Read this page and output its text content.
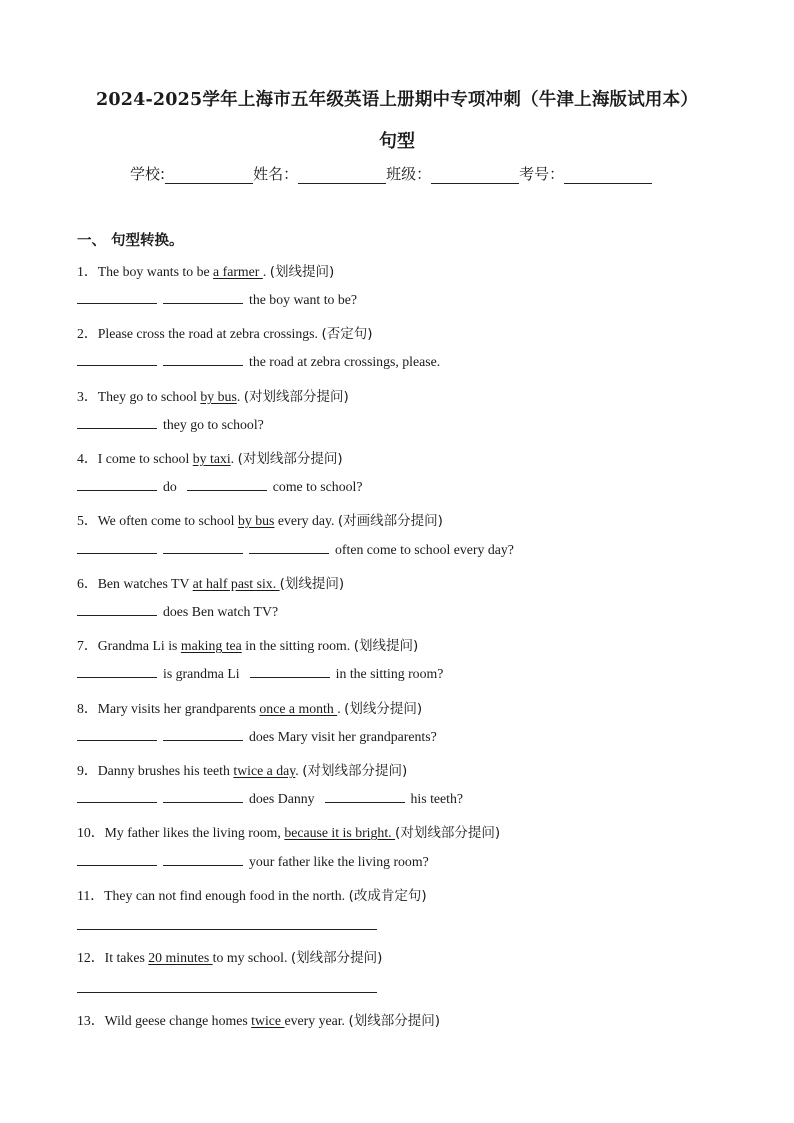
2024-2025学年上海市五年级英语上册期中专项冲刺（牛津上海版试用本）
句型
学校:	姓名：	班级：	考号：
一、 句型转换。
1．The boy wants to be a farmer . (划线提问)
the boy want to be?
2．Please cross the road at zebra crossings. (否定句)
the road at zebra crossings, please.
3．They go to school by bus. (对划线部分提问)
they go to school?
4．I come to school by taxi. (对划线部分提问)
do	come to school?
5．We often come to school by bus every day. (对画线部分提问)
often come to school every day?
6．Ben watches TV at half past six. (划线提问)
does Ben watch TV?
7．Grandma Li is making tea in the sitting room. (划线提问)
is grandma Li	in the sitting room?
8．Mary visits her grandparents once a month . (划线分提问)
does Mary visit her grandparents?
9．Danny brushes his teeth twice a day. (对划线部分提问)
does Danny	his teeth?
10．My father likes the living room, because it is bright. (对划线部分提问)
your father like the living room?
11．They can not find enough food in the north. (改成肯定句)
12．It takes 20 minutes to my school. (划线部分提问)
13．Wild geese change homes twice every year. (划线部分提问)
